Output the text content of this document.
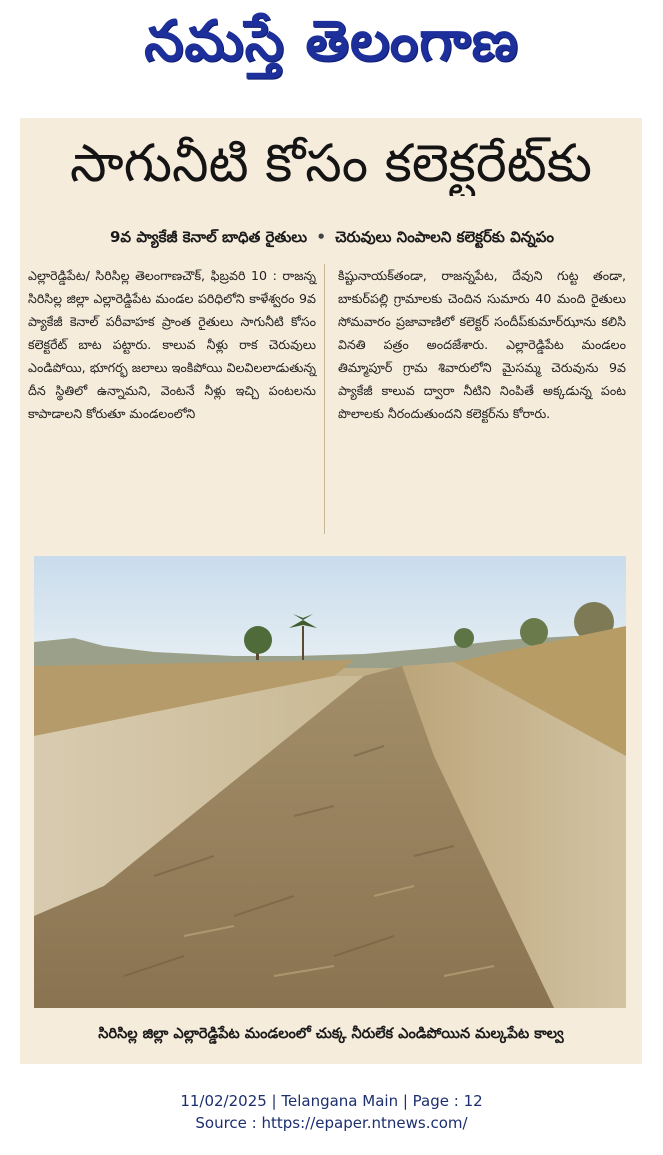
నమస్తే తెలంగాణ
సాగునీటి కోసం కలెక్టరేట్‌కు
9వ ప్యాకేజీ కెనాల్ బాధిత రైతులు • చెరువులు నింపాలని కలెక్టర్‌కు విన్నపం
ఎల్లారెడ్డిపేట/ సిరిసిల్ల తెలంగాణచౌక్, ఫిబ్రవరి 10 : రాజన్న సిరిసిల్ల జిల్లా ఎల్లారెడ్డిపేట మండల పరిధిలోని కాళేశ్వరం 9వ ప్యాకేజీ కెనాల్ పరీవాహక ప్రాంత రైతులు సాగునీటి కోసం కలెక్టరేట్ బాట పట్టారు. కాలువ నీళ్లు రాక చెరువులు ఎండిపోయి, భూగర్భ జలాలు ఇంకిపోయి విలవిలలాడుతున్న దీన స్థితిలో ఉన్నామని, వెంటనే నీళ్లు ఇచ్చి పంటలను కాపాడాలని కోరుతూ మండలంలోని
కిష్టునాయక్‌తండా, రాజన్నపేట, దేవుని గుట్ట తండా, బాకుర్‌పల్లి గ్రామాలకు చెందిన సుమారు 40 మంది రైతులు సోమవారం ప్రజావాణిలో కలెక్టర్ సందీప్‌కుమార్‌ఝాను కలిసి వినతి పత్రం అందజేశారు. ఎల్లారెడ్డిపేట మండలం తిమ్మాపూర్ గ్రామ శివారులోని మైసమ్మ చెరువును 9వ ప్యాకేజీ కాలువ ద్వారా నీటిని నింపితే అక్కడున్న పంట పొలాలకు నీరందుతుందని కలెక్టర్‌ను కోరారు.
సిరిసిల్ల జిల్లా ఎల్లారెడ్డిపేట మండలంలో చుక్క నీరులేక ఎండిపోయిన మల్కపేట కాల్వ
11/02/2025 | Telangana Main | Page : 12
Source : https://epaper.ntnews.com/
